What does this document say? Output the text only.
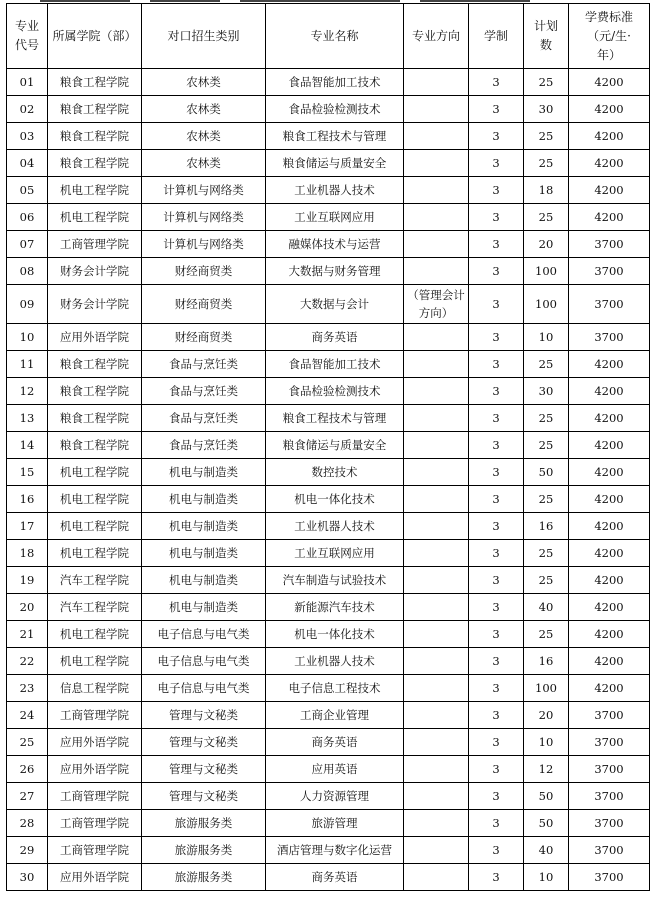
专业代号	所属学院（部）	对口招生类别	专业名称	专业方向	学制	计划数	学费标准（元/生·年）
01	粮食工程学院	农林类	食品智能加工技术		3	25	4200
02	粮食工程学院	农林类	食品检验检测技术		3	30	4200
03	粮食工程学院	农林类	粮食工程技术与管理		3	25	4200
04	粮食工程学院	农林类	粮食储运与质量安全		3	25	4200
05	机电工程学院	计算机与网络类	工业机器人技术		3	18	4200
06	机电工程学院	计算机与网络类	工业互联网应用		3	25	4200
07	工商管理学院	计算机与网络类	融媒体技术与运营		3	20	3700
08	财务会计学院	财经商贸类	大数据与财务管理		3	100	3700
09	财务会计学院	财经商贸类	大数据与会计	（管理会计方向）	3	100	3700
10	应用外语学院	财经商贸类	商务英语		3	10	3700
11	粮食工程学院	食品与烹饪类	食品智能加工技术		3	25	4200
12	粮食工程学院	食品与烹饪类	食品检验检测技术		3	30	4200
13	粮食工程学院	食品与烹饪类	粮食工程技术与管理		3	25	4200
14	粮食工程学院	食品与烹饪类	粮食储运与质量安全		3	25	4200
15	机电工程学院	机电与制造类	数控技术		3	50	4200
16	机电工程学院	机电与制造类	机电一体化技术		3	25	4200
17	机电工程学院	机电与制造类	工业机器人技术		3	16	4200
18	机电工程学院	机电与制造类	工业互联网应用		3	25	4200
19	汽车工程学院	机电与制造类	汽车制造与试验技术		3	25	4200
20	汽车工程学院	机电与制造类	新能源汽车技术		3	40	4200
21	机电工程学院	电子信息与电气类	机电一体化技术		3	25	4200
22	机电工程学院	电子信息与电气类	工业机器人技术		3	16	4200
23	信息工程学院	电子信息与电气类	电子信息工程技术		3	100	4200
24	工商管理学院	管理与文秘类	工商企业管理		3	20	3700
25	应用外语学院	管理与文秘类	商务英语		3	10	3700
26	应用外语学院	管理与文秘类	应用英语		3	12	3700
27	工商管理学院	管理与文秘类	人力资源管理		3	50	3700
28	工商管理学院	旅游服务类	旅游管理		3	50	3700
29	工商管理学院	旅游服务类	酒店管理与数字化运营		3	40	3700
30	应用外语学院	旅游服务类	商务英语		3	10	3700
